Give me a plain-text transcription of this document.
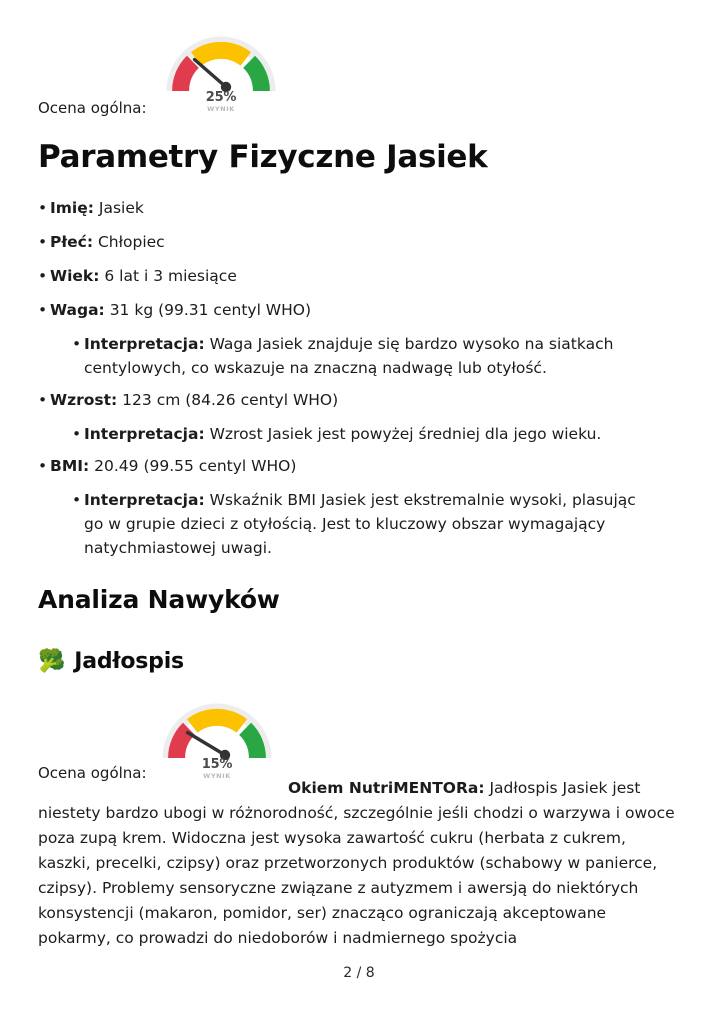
25%
WYNIK
Ocena ogólna:
Parametry Fizyczne Jasiek
• Imię: Jasiek
• Płeć: Chłopiec
• Wiek: 6 lat i 3 miesiące
• Waga: 31 kg (99.31 centyl WHO)
• Interpretacja: Waga Jasiek znajduje się bardzo wysoko na siatkach centylowych, co wskazuje na znaczną nadwagę lub otyłość.
• Wzrost: 123 cm (84.26 centyl WHO)
• Interpretacja: Wzrost Jasiek jest powyżej średniej dla jego wieku.
• BMI: 20.49 (99.55 centyl WHO)
• Interpretacja: Wskaźnik BMI Jasiek jest ekstremalnie wysoki, plasując go w grupie dzieci z otyłością. Jest to kluczowy obszar wymagający natychmiastowej uwagi.
Analiza Nawyków
🥦 Jadłospis
15%
WYNIK
Ocena ogólna:

Okiem NutriMENTORa: Jadłospis Jasiek jest niestety bardzo ubogi w różnorodność, szczególnie jeśli chodzi o warzywa i owoce poza zupą krem. Widoczna jest wysoka zawartość cukru (herbata z cukrem, kaszki, precelki, czipsy) oraz przetworzonych produktów (schabowy w panierce, czipsy). Problemy sensoryczne związane z autyzmem i awersją do niektórych konsystencji (makaron, pomidor, ser) znacząco ograniczają akceptowane pokarmy, co prowadzi do niedoborów i nadmiernego spożycia

2 / 8
